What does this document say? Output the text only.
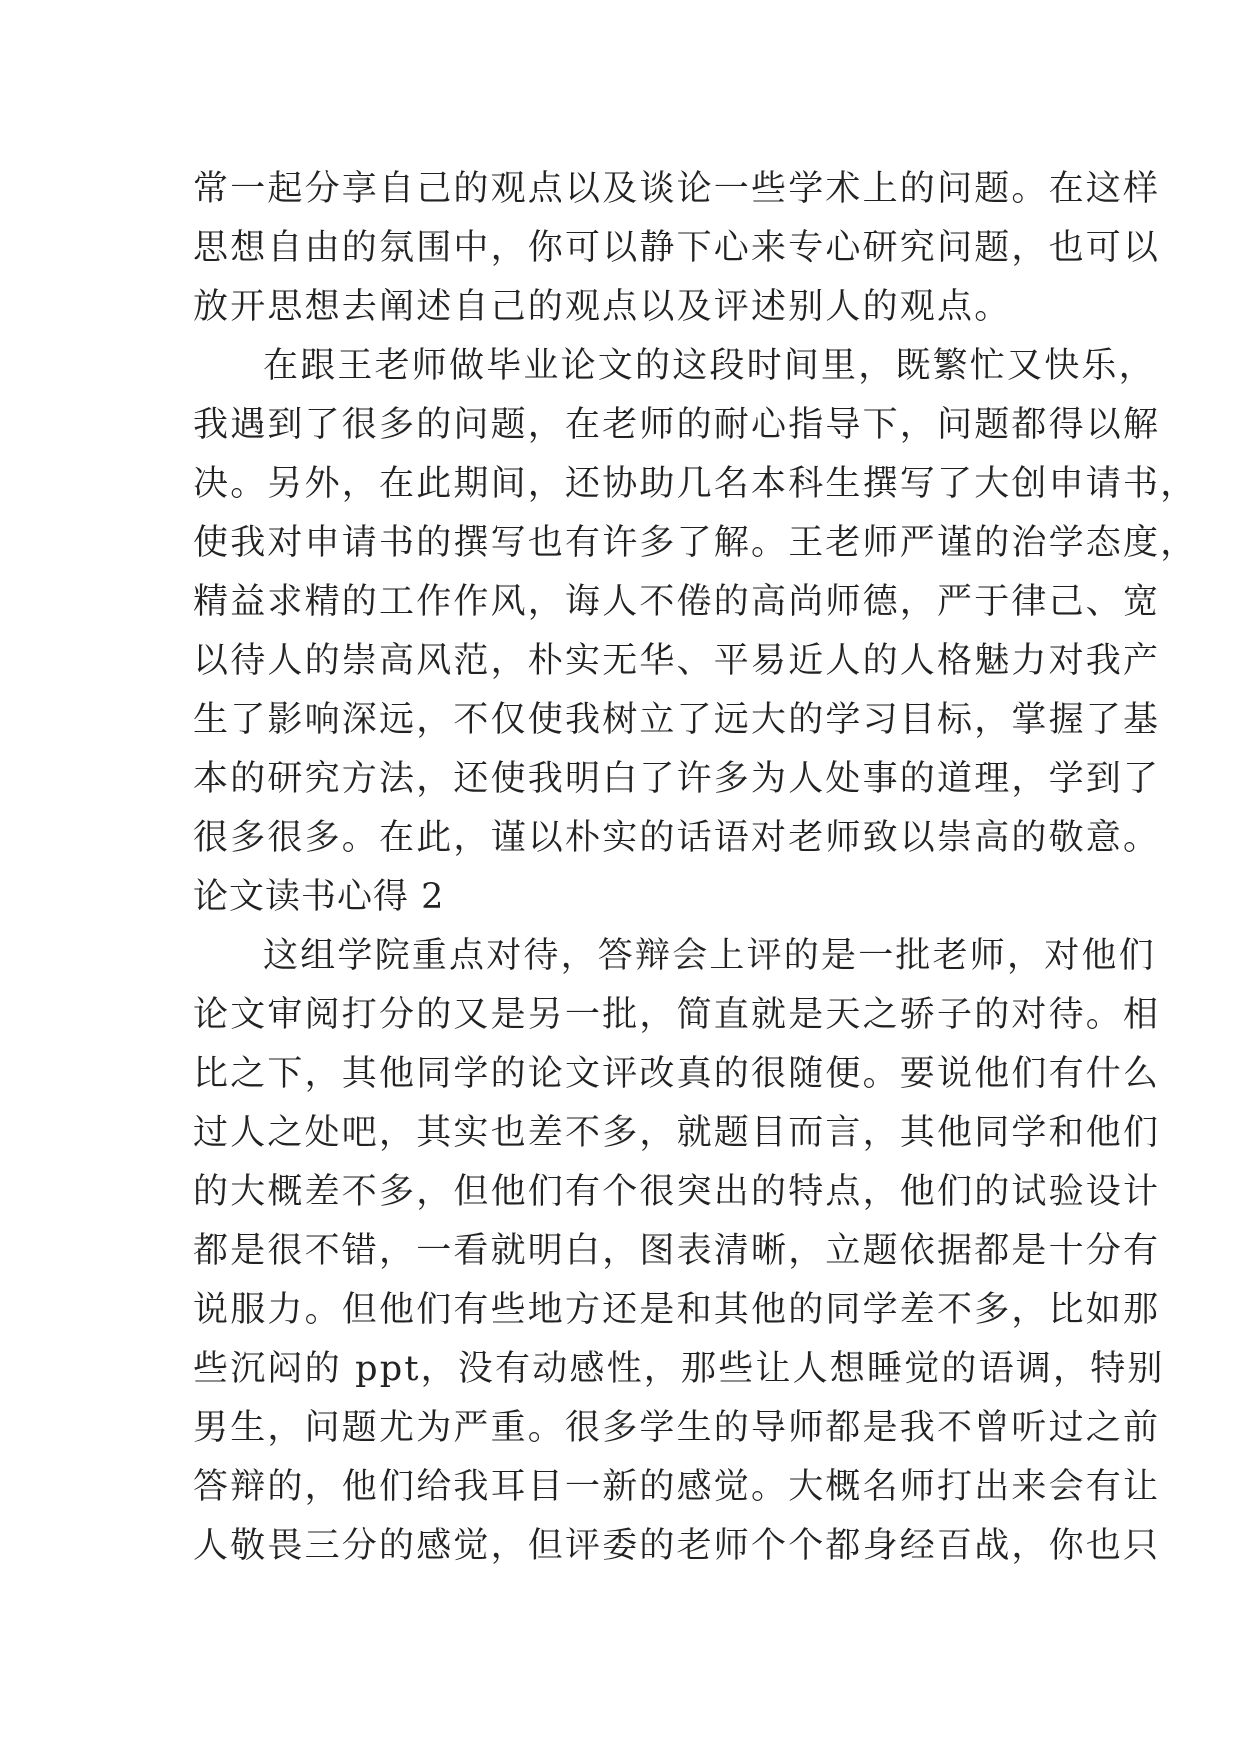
常一起分享自己的观点以及谈论一些学术上的问题。在这样
思想自由的氛围中，你可以静下心来专心研究问题，也可以
放开思想去阐述自己的观点以及评述别人的观点。
在跟王老师做毕业论文的这段时间里，既繁忙又快乐，
我遇到了很多的问题，在老师的耐心指导下，问题都得以解
决。另外，在此期间，还协助几名本科生撰写了大创申请书，
使我对申请书的撰写也有许多了解。王老师严谨的治学态度，
精益求精的工作作风，诲人不倦的高尚师德，严于律己、宽
以待人的崇高风范，朴实无华、平易近人的人格魅力对我产
生了影响深远，不仅使我树立了远大的学习目标，掌握了基
本的研究方法，还使我明白了许多为人处事的道理，学到了
很多很多。在此，谨以朴实的话语对老师致以崇高的敬意。
论文读书心得 2
这组学院重点对待，答辩会上评的是一批老师，对他们
论文审阅打分的又是另一批，简直就是天之骄子的对待。相
比之下，其他同学的论文评改真的很随便。要说他们有什么
过人之处吧，其实也差不多，就题目而言，其他同学和他们
的大概差不多，但他们有个很突出的特点，他们的试验设计
都是很不错，一看就明白，图表清晰，立题依据都是十分有
说服力。但他们有些地方还是和其他的同学差不多，比如那
些沉闷的 ppt，没有动感性，那些让人想睡觉的语调，特别
男生，问题尤为严重。很多学生的导师都是我不曾听过之前
答辩的，他们给我耳目一新的感觉。大概名师打出来会有让
人敬畏三分的感觉，但评委的老师个个都身经百战，你也只
